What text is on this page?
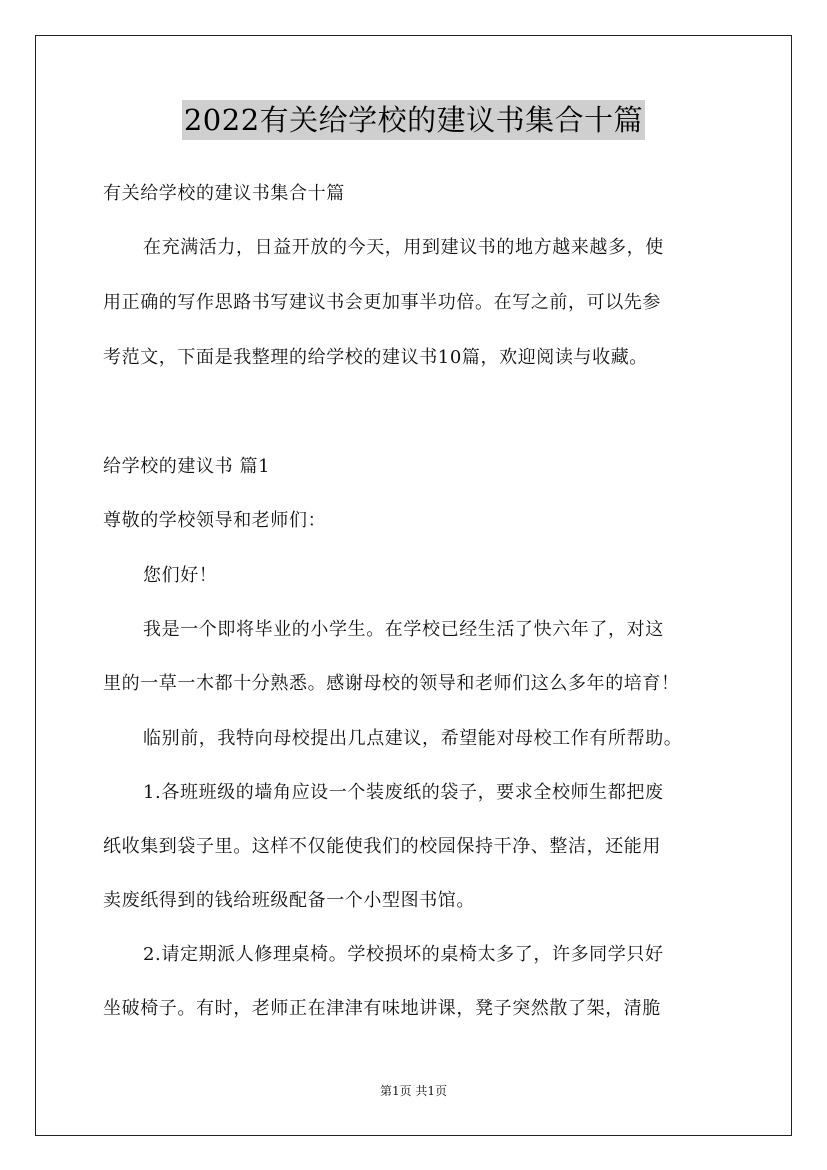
2022有关给学校的建议书集合十篇
有关给学校的建议书集合十篇
在充满活力，日益开放的今天，用到建议书的地方越来越多，使
用正确的写作思路书写建议书会更加事半功倍。在写之前，可以先参
考范文，下面是我整理的给学校的建议书10篇，欢迎阅读与收藏。
给学校的建议书 篇1
尊敬的学校领导和老师们：
您们好！
我是一个即将毕业的小学生。在学校已经生活了快六年了，对这
里的一草一木都十分熟悉。感谢母校的领导和老师们这么多年的培育！
临别前，我特向母校提出几点建议，希望能对母校工作有所帮助。
1.各班班级的墙角应设一个装废纸的袋子，要求全校师生都把废
纸收集到袋子里。这样不仅能使我们的校园保持干净、整洁，还能用
卖废纸得到的钱给班级配备一个小型图书馆。
2.请定期派人修理桌椅。学校损坏的桌椅太多了，许多同学只好
坐破椅子。有时，老师正在津津有味地讲课，凳子突然散了架，清脆
第1页 共1页
